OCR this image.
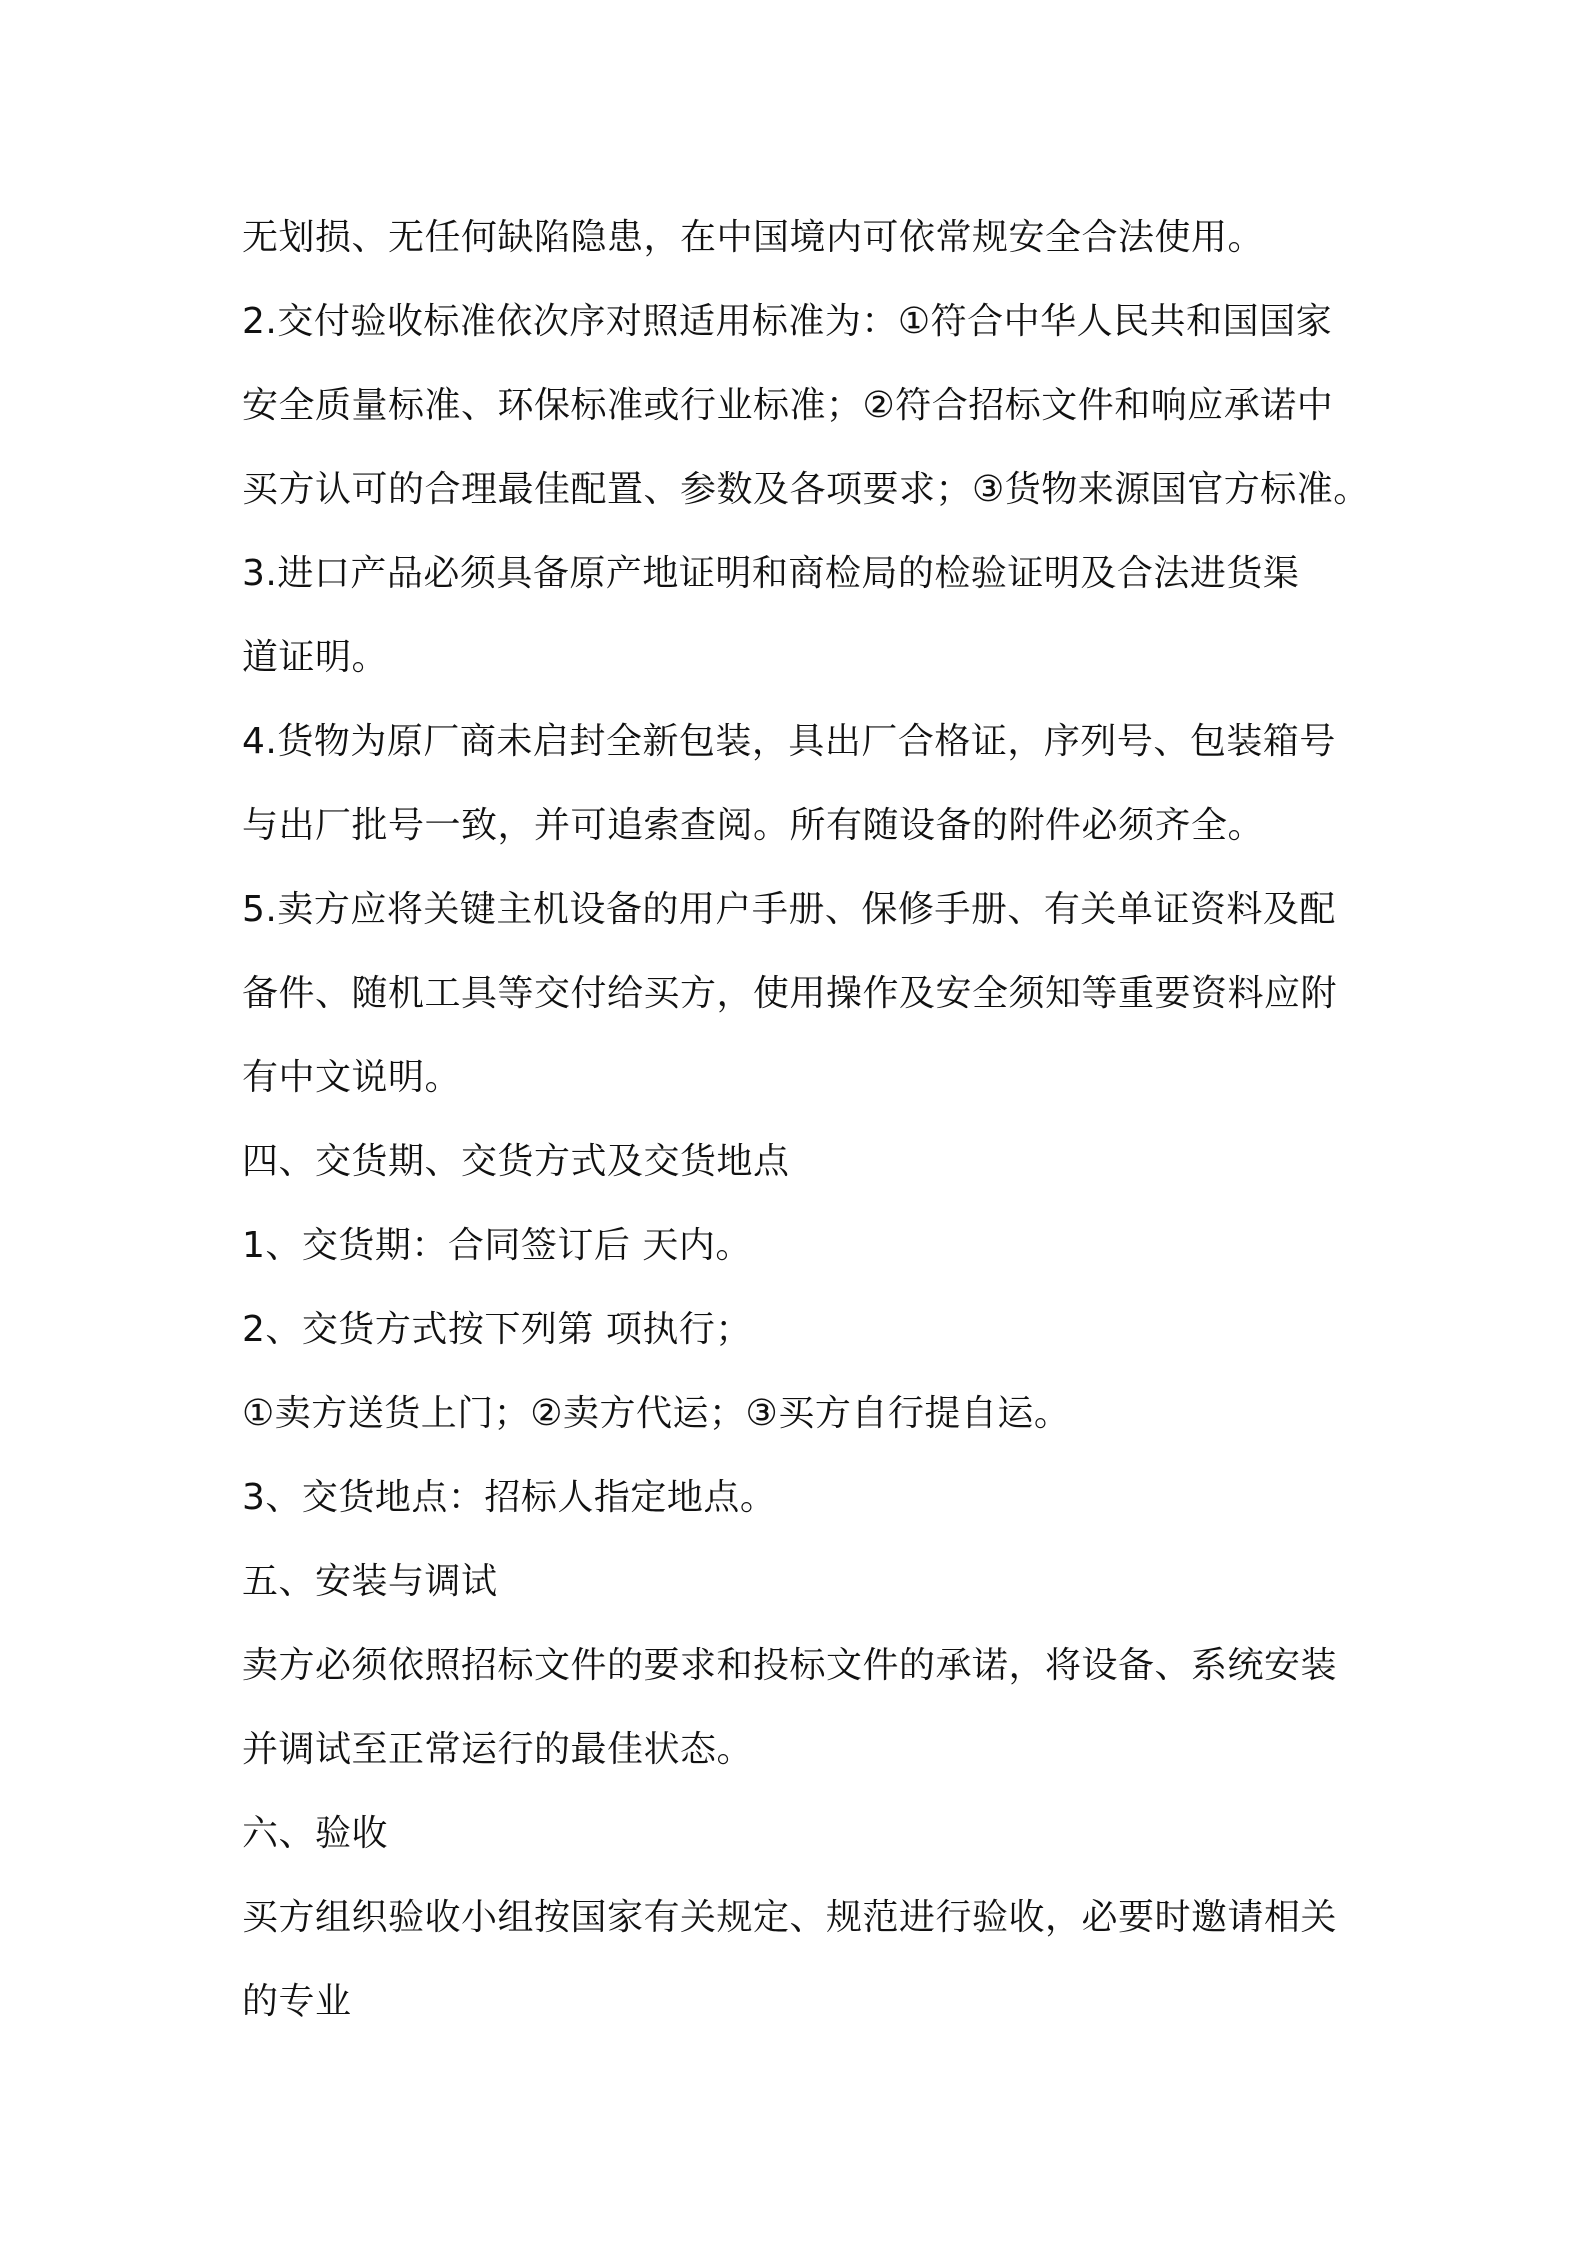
无划损、无任何缺陷隐患，在中国境内可依常规安全合法使用。
2.交付验收标准依次序对照适用标准为：①符合中华人民共和国国家
安全质量标准、环保标准或行业标准；②符合招标文件和响应承诺中
买方认可的合理最佳配置、参数及各项要求；③货物来源国官方标准。
3.进口产品必须具备原产地证明和商检局的检验证明及合法进货渠
道证明。
4.货物为原厂商未启封全新包装，具出厂合格证，序列号、包装箱号
与出厂批号一致，并可追索查阅。所有随设备的附件必须齐全。
5.卖方应将关键主机设备的用户手册、保修手册、有关单证资料及配
备件、随机工具等交付给买方，使用操作及安全须知等重要资料应附
有中文说明。
四、交货期、交货方式及交货地点
1、交货期：合同签订后 天内。
2、交货方式按下列第 项执行；
①卖方送货上门；②卖方代运；③买方自行提自运。
3、交货地点：招标人指定地点。
五、安装与调试
卖方必须依照招标文件的要求和投标文件的承诺，将设备、系统安装
并调试至正常运行的最佳状态。
六、验收
买方组织验收小组按国家有关规定、规范进行验收，必要时邀请相关
的专业
